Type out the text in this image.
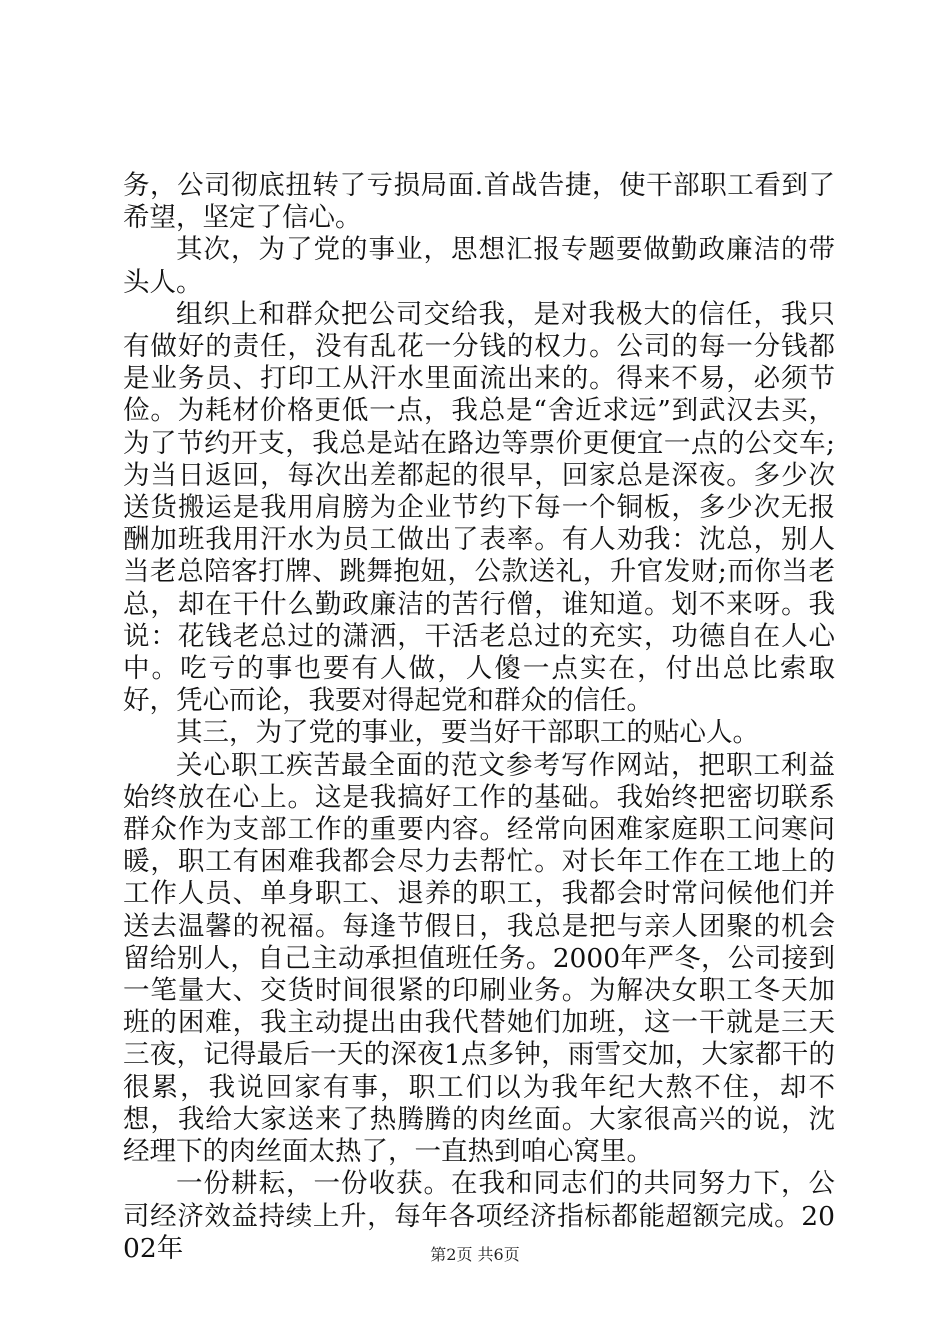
务，公司彻底扭转了亏损局面.首战告捷，使干部职工看到了希望，坚定了信心。

其次，为了党的事业，思想汇报专题要做勤政廉洁的带头人。

组织上和群众把公司交给我，是对我极大的信任，我只有做好的责任，没有乱花一分钱的权力。公司的每一分钱都是业务员、打印工从汗水里面流出来的。得来不易，必须节俭。为耗材价格更低一点，我总是“舍近求远”到武汉去买，为了节约开支，我总是站在路边等票价更便宜一点的公交车;为当日返回，每次出差都起的很早，回家总是深夜。多少次送货搬运是我用肩膀为企业节约下每一个铜板，多少次无报酬加班我用汗水为员工做出了表率。有人劝我：沈总，别人当老总陪客打牌、跳舞抱妞，公款送礼，升官发财;而你当老总，却在干什么勤政廉洁的苦行僧，谁知道。划不来呀。我说：花钱老总过的潇洒，干活老总过的充实，功德自在人心中。吃亏的事也要有人做，人傻一点实在，付出总比索取好，凭心而论，我要对得起党和群众的信任。

其三，为了党的事业，要当好干部职工的贴心人。

关心职工疾苦最全面的范文参考写作网站，把职工利益始终放在心上。这是我搞好工作的基础。我始终把密切联系群众作为支部工作的重要内容。经常向困难家庭职工问寒问暖，职工有困难我都会尽力去帮忙。对长年工作在工地上的工作人员、单身职工、退养的职工，我都会时常问候他们并送去温馨的祝福。每逢节假日，我总是把与亲人团聚的机会留给别人，自己主动承担值班任务。2000年严冬，公司接到一笔量大、交货时间很紧的印刷业务。为解决女职工冬天加班的困难，我主动提出由我代替她们加班，这一干就是三天三夜，记得最后一天的深夜1点多钟，雨雪交加，大家都干的很累，我说回家有事，职工们以为我年纪大熬不住，却不想，我给大家送来了热腾腾的肉丝面。大家很高兴的说，沈经理下的肉丝面太热了，一直热到咱心窝里。

一份耕耘，一份收获。在我和同志们的共同努力下，公司经济效益持续上升，每年各项经济指标都能超额完成。2002年	第2页 共6页
